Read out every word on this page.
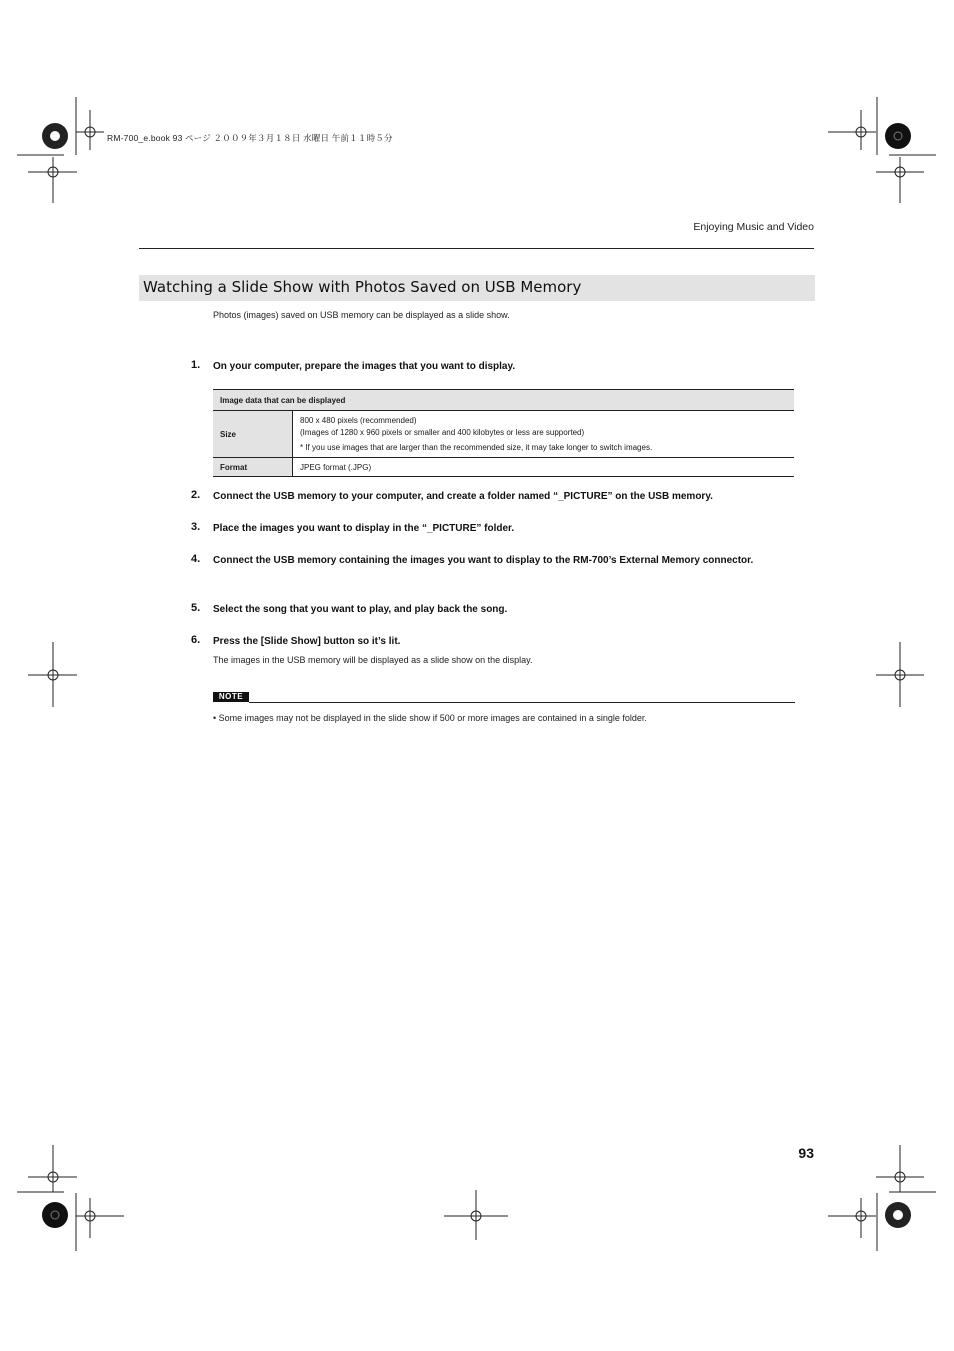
RM-700_e.book 93 ページ ２００９年３月１８日 水曜日 午前１１時５分
Enjoying Music and Video
Watching a Slide Show with Photos Saved on USB Memory
Photos (images) saved on USB memory can be displayed as a slide show.
1. On your computer, prepare the images that you want to display.
Image data that can be displayed	
Size	800 x 480 pixels (recommended)
(Images of 1280 x 960 pixels or smaller and 400 kilobytes or less are supported)
* If you use images that are larger than the recommended size, it may take longer to switch images.

Format	JPEG format (.JPG)
2. Connect the USB memory to your computer, and create a folder named “_PICTURE” on the USB memory.
3. Place the images you want to display in the “_PICTURE” folder.
4. Connect the USB memory containing the images you want to display to the RM-700’s External Memory connector.
5. Select the song that you want to play, and play back the song.
6. Press the [Slide Show] button so it’s lit.
The images in the USB memory will be displayed as a slide show on the display.
NOTE
• Some images may not be displayed in the slide show if 500 or more images are contained in a single folder.
93
